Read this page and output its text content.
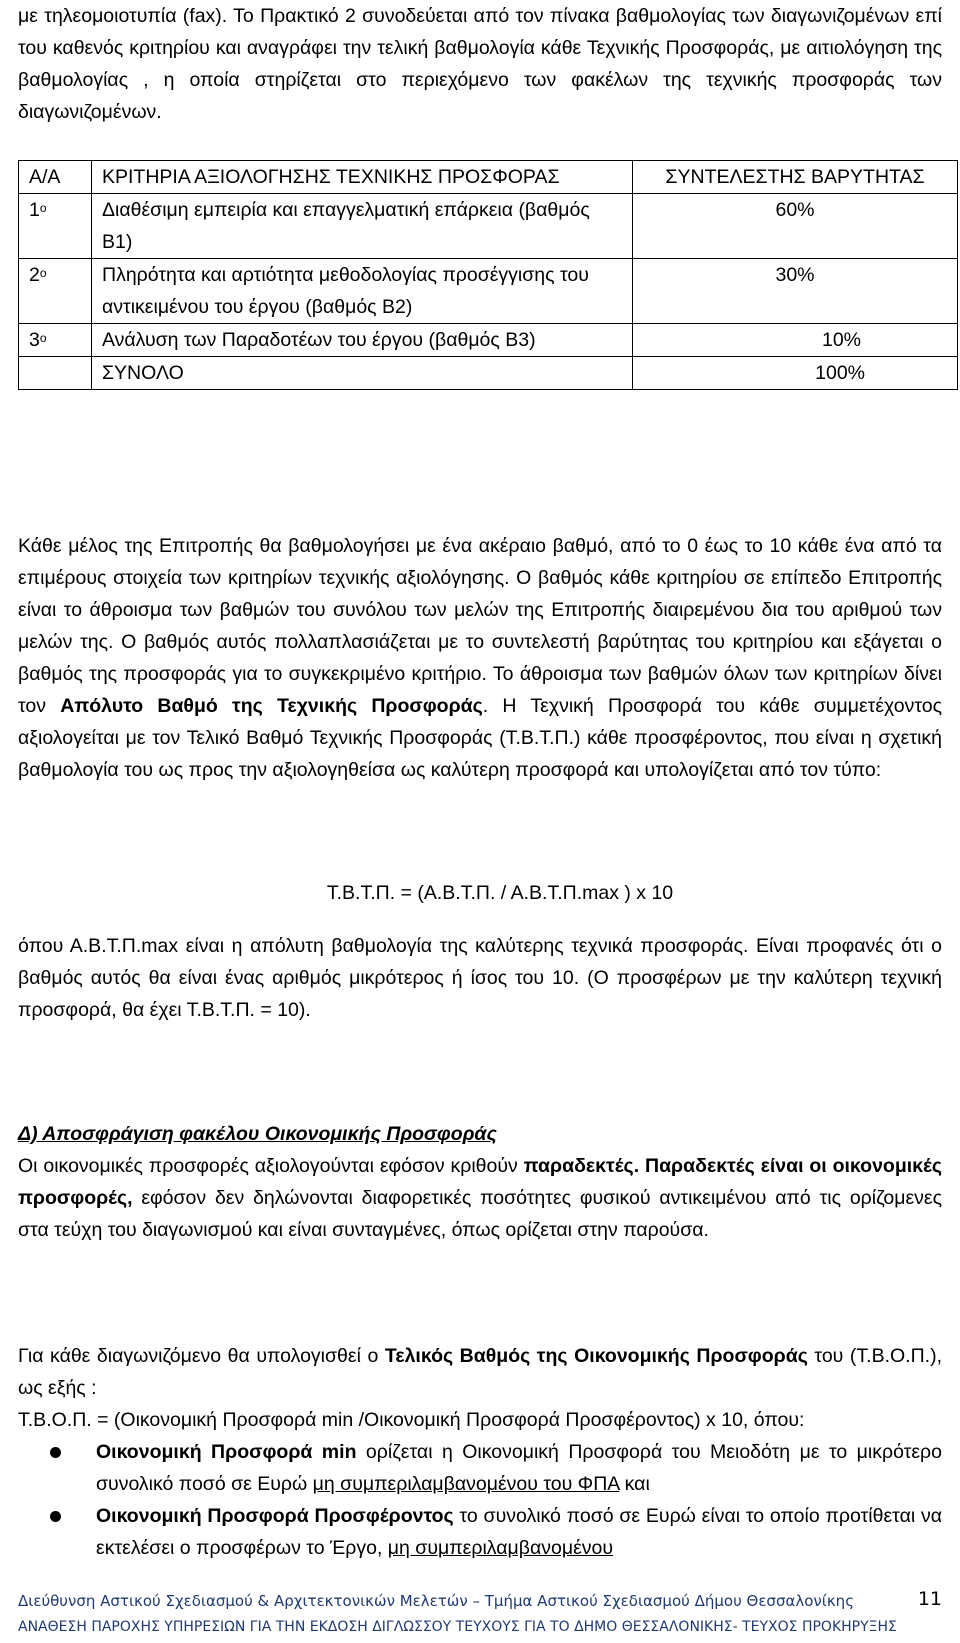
με τηλεομοιοτυπία (fax). Το Πρακτικό 2 συνοδεύεται από τον πίνακα βαθμολογίας των διαγωνιζομένων επί του καθενός κριτηρίου και αναγράφει την τελική βαθμολογία κάθε Τεχνικής Προσφοράς, με αιτιολόγηση της βαθμολογίας , η οποία στηρίζεται στο περιεχόμενο των φακέλων της τεχνικής προσφοράς των διαγωνιζομένων.

Α/Α	ΚΡΙΤΗΡΙΑ ΑΞΙΟΛΟΓΗΣΗΣ ΤΕΧΝΙΚΗΣ ΠΡΟΣΦΟΡΑΣ	ΣΥΝΤΕΛΕΣΤΗΣ ΒΑΡΥΤΗΤΑΣ
$1^o$	Διαθέσιμη εμπειρία και επαγγελματική επάρκεια (βαθμός Β1)	60%
$2^o$	Πληρότητα και αρτιότητα μεθοδολογίας προσέγγισης του αντικειμένου του έργου (βαθμός Β2)	30%
$3^o$	Ανάλυση των Παραδοτέων του έργου (βαθμός Β3)	10%
	ΣΥΝΟΛΟ	100%

Κάθε μέλος της Επιτροπής θα βαθμολογήσει με ένα ακέραιο βαθμό, από το 0 έως το 10 κάθε ένα από τα επιμέρους στοιχεία των κριτηρίων τεχνικής αξιολόγησης. Ο βαθμός κάθε κριτηρίου σε επίπεδο Επιτροπής είναι το άθροισμα των βαθμών του συνόλου των μελών της Επιτροπής διαιρεμένου δια του αριθμού των μελών της. Ο βαθμός αυτός πολλαπλασιάζεται με το συντελεστή βαρύτητας του κριτηρίου και εξάγεται ο βαθμός της προσφοράς για το συγκεκριμένο κριτήριο. Το άθροισμα των βαθμών όλων των κριτηρίων δίνει τον Απόλυτο Βαθμό της Τεχνικής Προσφοράς. Η Τεχνική Προσφορά του κάθε συμμετέχοντος αξιολογείται με τον Τελικό Βαθμό Τεχνικής Προσφοράς (Τ.Β.Τ.Π.) κάθε προσφέροντος, που είναι η σχετική βαθμολογία του ως προς την αξιολογηθείσα ως καλύτερη προσφορά και υπολογίζεται από τον τύπο:

Τ.Β.Τ.Π. = (Α.Β.Τ.Π. / Α.Β.Τ.Π.max ) x 10

όπου Α.Β.Τ.Π.max είναι η απόλυτη βαθμολογία της καλύτερης τεχνικά προσφοράς. Είναι προφανές ότι ο βαθμός αυτός θα είναι ένας αριθμός μικρότερος ή ίσος του 10. (Ο προσφέρων με την καλύτερη τεχνική προσφορά, θα έχει Τ.Β.Τ.Π. = 10).

Δ) Αποσφράγιση φακέλου Οικονομικής Προσφοράς

Οι οικονομικές προσφορές αξιολογούνται εφόσον κριθούν παραδεκτές. Παραδεκτές είναι οι οικονομικές προσφορές, εφόσον δεν δηλώνονται διαφορετικές ποσότητες φυσικού αντικειμένου από τις ορίζομενες στα τεύχη του διαγωνισμού και είναι συνταγμένες, όπως ορίζεται στην παρούσα.

Για κάθε διαγωνιζόμενο θα υπολογισθεί ο Τελικός Βαθμός της Οικονομικής Προσφοράς του (Τ.Β.Ο.Π.), ως εξής :

Τ.Β.Ο.Π. = (Οικονομική Προσφορά min /Οικονομική Προσφορά Προσφέροντος) x 10, όπου:

Οικονομική Προσφορά min ορίζεται η Οικονομική Προσφορά του Μειοδότη με το μικρότερο συνολικό ποσό σε Ευρώ μη συμπεριλαμβανομένου του ΦΠΑ και
Οικονομική Προσφορά Προσφέροντος το συνολικό ποσό σε Ευρώ είναι το οποίο προτίθεται να εκτελέσει ο προσφέρων το Έργο, μη συμπεριλαμβανομένου
Διεύθυνση Αστικού Σχεδιασμού & Αρχιτεκτονικών Μελετών – Τμήμα Αστικού Σχεδιασμού Δήμου Θεσσαλονίκης	11
ΑΝΑΘΕΣΗ ΠΑΡΟΧΗΣ ΥΠΗΡΕΣΙΩΝ ΓΙΑ ΤΗΝ ΕΚΔΟΣΗ ΔΙΓΛΩΣΣΟΥ ΤΕΥΧΟΥΣ ΓΙΑ ΤΟ ΔΗΜΟ ΘΕΣΣΑΛΟΝΙΚΗΣ- ΤΕΥΧΟΣ ΠΡΟΚΗΡΥΞΗΣ
